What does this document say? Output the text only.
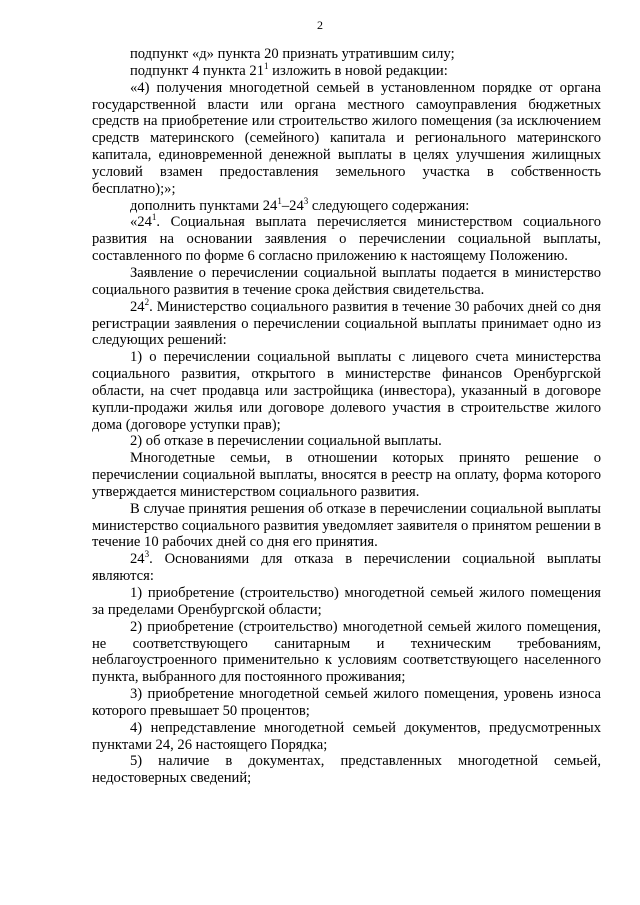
2

подпункт «д» пункта 20 признать утратившим силу;

подпункт 4 пункта $21^1$ изложить в новой редакции:

«4) получения многодетной семьей в установленном порядке от органа государственной власти или органа местного самоуправления бюджетных средств на приобретение или строительство жилого помещения (за исключением средств материнского (семейного) капитала и регионального материнского капитала, единовременной денежной выплаты в целях улучшения жилищных условий взамен предоставления земельного участка в собственность бесплатно);»;

дополнить пунктами $24^1-24^3$ следующего содержания:

«$24^1$. Социальная выплата перечисляется министерством социального развития на основании заявления о перечислении социальной выплаты, составленного по форме 6 согласно приложению к настоящему Положению.

Заявление о перечислении социальной выплаты подается в министерство социального развития в течение срока действия свидетельства.

$24^2$. Министерство социального развития в течение 30 рабочих дней со дня регистрации заявления о перечислении социальной выплаты принимает одно из следующих решений:

1) о перечислении социальной выплаты с лицевого счета министерства социального развития, открытого в министерстве финансов Оренбургской области, на счет продавца или застройщика (инвестора), указанный в договоре купли-продажи жилья или договоре долевого участия в строительстве жилого дома (договоре уступки прав);

2) об отказе в перечислении социальной выплаты.

Многодетные семьи, в отношении которых принято решение о перечислении социальной выплаты, вносятся в реестр на оплату, форма которого утверждается министерством социального развития.

В случае принятия решения об отказе в перечислении социальной выплаты министерство социального развития уведомляет заявителя о принятом решении в течение 10 рабочих дней со дня его принятия.

$24^3$. Основаниями для отказа в перечислении социальной выплаты являются:

1) приобретение (строительство) многодетной семьей жилого помещения за пределами Оренбургской области;

2) приобретение (строительство) многодетной семьей жилого помещения, не соответствующего санитарным и техническим требованиям, неблагоустроенного применительно к условиям соответствующего населенного пункта, выбранного для постоянного проживания;

3) приобретение многодетной семьей жилого помещения, уровень износа которого превышает 50 процентов;

4) непредставление многодетной семьей документов, предусмотренных пунктами 24, 26 настоящего Порядка;

5) наличие в документах, представленных многодетной семьей, недостоверных сведений;
